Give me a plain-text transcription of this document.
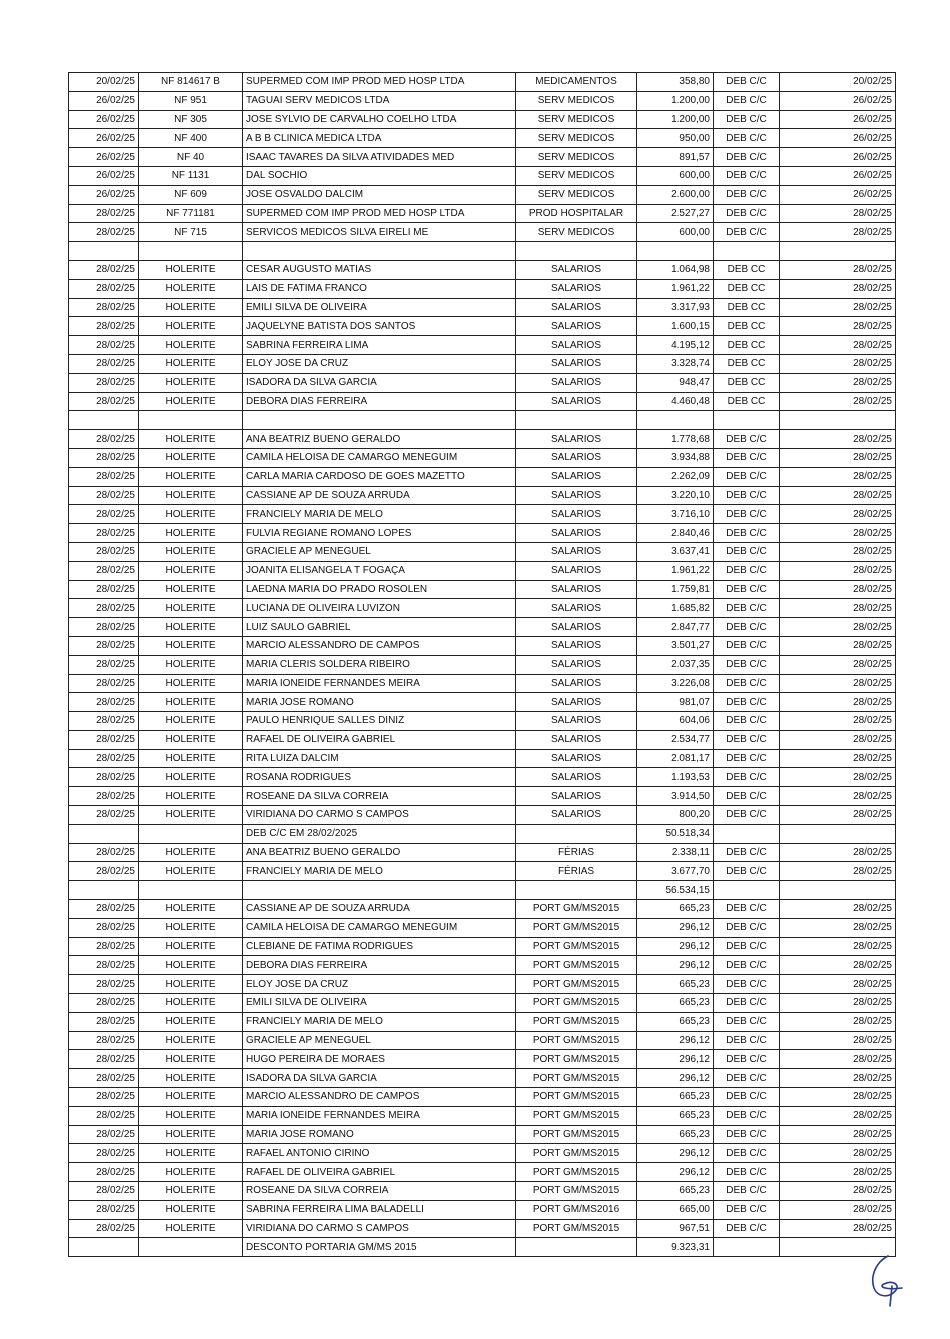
20/02/25	NF 814617 B	SUPERMED COM IMP PROD MED HOSP LTDA	MEDICAMENTOS	358,80	DEB C/C	20/02/25
26/02/25	NF 951	TAGUAI SERV MEDICOS LTDA	SERV MEDICOS	1.200,00	DEB C/C	26/02/25
26/02/25	NF 305	JOSE SYLVIO DE CARVALHO COELHO LTDA	SERV MEDICOS	1.200,00	DEB C/C	26/02/25
26/02/25	NF 400	A B B CLINICA MEDICA LTDA	SERV MEDICOS	950,00	DEB C/C	26/02/25
26/02/25	NF 40	ISAAC TAVARES DA SILVA ATIVIDADES MED	SERV MEDICOS	891,57	DEB C/C	26/02/25
26/02/25	NF 1131	DAL SOCHIO	SERV MEDICOS	600,00	DEB C/C	26/02/25
26/02/25	NF 609	JOSE OSVALDO DALCIM	SERV MEDICOS	2.600,00	DEB C/C	26/02/25
28/02/25	NF 771181	SUPERMED COM IMP PROD MED HOSP LTDA	PROD HOSPITALAR	2.527,27	DEB C/C	28/02/25
28/02/25	NF 715	SERVICOS MEDICOS SILVA EIRELI ME	SERV MEDICOS	600,00	DEB C/C	28/02/25

28/02/25	HOLERITE	CESAR AUGUSTO MATIAS	SALARIOS	1.064,98	DEB CC	28/02/25
28/02/25	HOLERITE	LAIS DE FATIMA FRANCO	SALARIOS	1.961,22	DEB CC	28/02/25
28/02/25	HOLERITE	EMILI SILVA DE OLIVEIRA	SALARIOS	3.317,93	DEB CC	28/02/25
28/02/25	HOLERITE	JAQUELYNE BATISTA DOS SANTOS	SALARIOS	1.600,15	DEB CC	28/02/25
28/02/25	HOLERITE	SABRINA FERREIRA LIMA	SALARIOS	4.195,12	DEB CC	28/02/25
28/02/25	HOLERITE	ELOY JOSE DA CRUZ	SALARIOS	3.328,74	DEB CC	28/02/25
28/02/25	HOLERITE	ISADORA DA SILVA GARCIA	SALARIOS	948,47	DEB CC	28/02/25
28/02/25	HOLERITE	DEBORA DIAS FERREIRA	SALARIOS	4.460,48	DEB CC	28/02/25

28/02/25	HOLERITE	ANA BEATRIZ BUENO GERALDO	SALARIOS	1.778,68	DEB C/C	28/02/25
28/02/25	HOLERITE	CAMILA HELOISA DE CAMARGO MENEGUIM	SALARIOS	3.934,88	DEB C/C	28/02/25
28/02/25	HOLERITE	CARLA MARIA CARDOSO DE GOES MAZETTO	SALARIOS	2.262,09	DEB C/C	28/02/25
28/02/25	HOLERITE	CASSIANE AP DE SOUZA ARRUDA	SALARIOS	3.220,10	DEB C/C	28/02/25
28/02/25	HOLERITE	FRANCIELY MARIA DE MELO	SALARIOS	3.716,10	DEB C/C	28/02/25
28/02/25	HOLERITE	FULVIA REGIANE ROMANO LOPES	SALARIOS	2.840,46	DEB C/C	28/02/25
28/02/25	HOLERITE	GRACIELE AP MENEGUEL	SALARIOS	3.637,41	DEB C/C	28/02/25
28/02/25	HOLERITE	JOANITA ELISANGELA T FOGAÇA	SALARIOS	1.961,22	DEB C/C	28/02/25
28/02/25	HOLERITE	LAEDNA MARIA DO PRADO ROSOLEN	SALARIOS	1.759,81	DEB C/C	28/02/25
28/02/25	HOLERITE	LUCIANA DE OLIVEIRA LUVIZON	SALARIOS	1.685,82	DEB C/C	28/02/25
28/02/25	HOLERITE	LUIZ SAULO GABRIEL	SALARIOS	2.847,77	DEB C/C	28/02/25
28/02/25	HOLERITE	MARCIO ALESSANDRO DE CAMPOS	SALARIOS	3.501,27	DEB C/C	28/02/25
28/02/25	HOLERITE	MARIA CLERIS SOLDERA RIBEIRO	SALARIOS	2.037,35	DEB C/C	28/02/25
28/02/25	HOLERITE	MARIA IONEIDE FERNANDES MEIRA	SALARIOS	3.226,08	DEB C/C	28/02/25
28/02/25	HOLERITE	MARIA JOSE ROMANO	SALARIOS	981,07	DEB C/C	28/02/25
28/02/25	HOLERITE	PAULO HENRIQUE SALLES DINIZ	SALARIOS	604,06	DEB C/C	28/02/25
28/02/25	HOLERITE	RAFAEL DE OLIVEIRA GABRIEL	SALARIOS	2.534,77	DEB C/C	28/02/25
28/02/25	HOLERITE	RITA LUIZA DALCIM	SALARIOS	2.081,17	DEB C/C	28/02/25
28/02/25	HOLERITE	ROSANA RODRIGUES	SALARIOS	1.193,53	DEB C/C	28/02/25
28/02/25	HOLERITE	ROSEANE DA SILVA CORREIA	SALARIOS	3.914,50	DEB C/C	28/02/25
28/02/25	HOLERITE	VIRIDIANA DO CARMO S CAMPOS	SALARIOS	800,20	DEB C/C	28/02/25
		DEB C/C EM 28/02/2025		50.518,34		
28/02/25	HOLERITE	ANA BEATRIZ BUENO GERALDO	FÉRIAS	2.338,11	DEB C/C	28/02/25
28/02/25	HOLERITE	FRANCIELY MARIA DE MELO	FÉRIAS	3.677,70	DEB C/C	28/02/25
				56.534,15		
28/02/25	HOLERITE	CASSIANE AP DE SOUZA ARRUDA	PORT GM/MS2015	665,23	DEB C/C	28/02/25
28/02/25	HOLERITE	CAMILA HELOISA DE CAMARGO MENEGUIM	PORT GM/MS2015	296,12	DEB C/C	28/02/25
28/02/25	HOLERITE	CLEBIANE DE FATIMA RODRIGUES	PORT GM/MS2015	296,12	DEB C/C	28/02/25
28/02/25	HOLERITE	DEBORA DIAS FERREIRA	PORT GM/MS2015	296,12	DEB C/C	28/02/25
28/02/25	HOLERITE	ELOY JOSE DA CRUZ	PORT GM/MS2015	665,23	DEB C/C	28/02/25
28/02/25	HOLERITE	EMILI SILVA DE OLIVEIRA	PORT GM/MS2015	665,23	DEB C/C	28/02/25
28/02/25	HOLERITE	FRANCIELY MARIA DE MELO	PORT GM/MS2015	665,23	DEB C/C	28/02/25
28/02/25	HOLERITE	GRACIELE AP MENEGUEL	PORT GM/MS2015	296,12	DEB C/C	28/02/25
28/02/25	HOLERITE	HUGO PEREIRA DE MORAES	PORT GM/MS2015	296,12	DEB C/C	28/02/25
28/02/25	HOLERITE	ISADORA DA SILVA GARCIA	PORT GM/MS2015	296,12	DEB C/C	28/02/25
28/02/25	HOLERITE	MARCIO ALESSANDRO DE CAMPOS	PORT GM/MS2015	665,23	DEB C/C	28/02/25
28/02/25	HOLERITE	MARIA IONEIDE FERNANDES MEIRA	PORT GM/MS2015	665,23	DEB C/C	28/02/25
28/02/25	HOLERITE	MARIA JOSE ROMANO	PORT GM/MS2015	665,23	DEB C/C	28/02/25
28/02/25	HOLERITE	RAFAEL ANTONIO CIRINO	PORT GM/MS2015	296,12	DEB C/C	28/02/25
28/02/25	HOLERITE	RAFAEL DE OLIVEIRA GABRIEL	PORT GM/MS2015	296,12	DEB C/C	28/02/25
28/02/25	HOLERITE	ROSEANE DA SILVA CORREIA	PORT GM/MS2015	665,23	DEB C/C	28/02/25
28/02/25	HOLERITE	SABRINA FERREIRA LIMA BALADELLI	PORT GM/MS2016	665,00	DEB C/C	28/02/25
28/02/25	HOLERITE	VIRIDIANA DO CARMO S CAMPOS	PORT GM/MS2015	967,51	DEB C/C	28/02/25
		DESCONTO PORTARIA GM/MS 2015		9.323,31		
